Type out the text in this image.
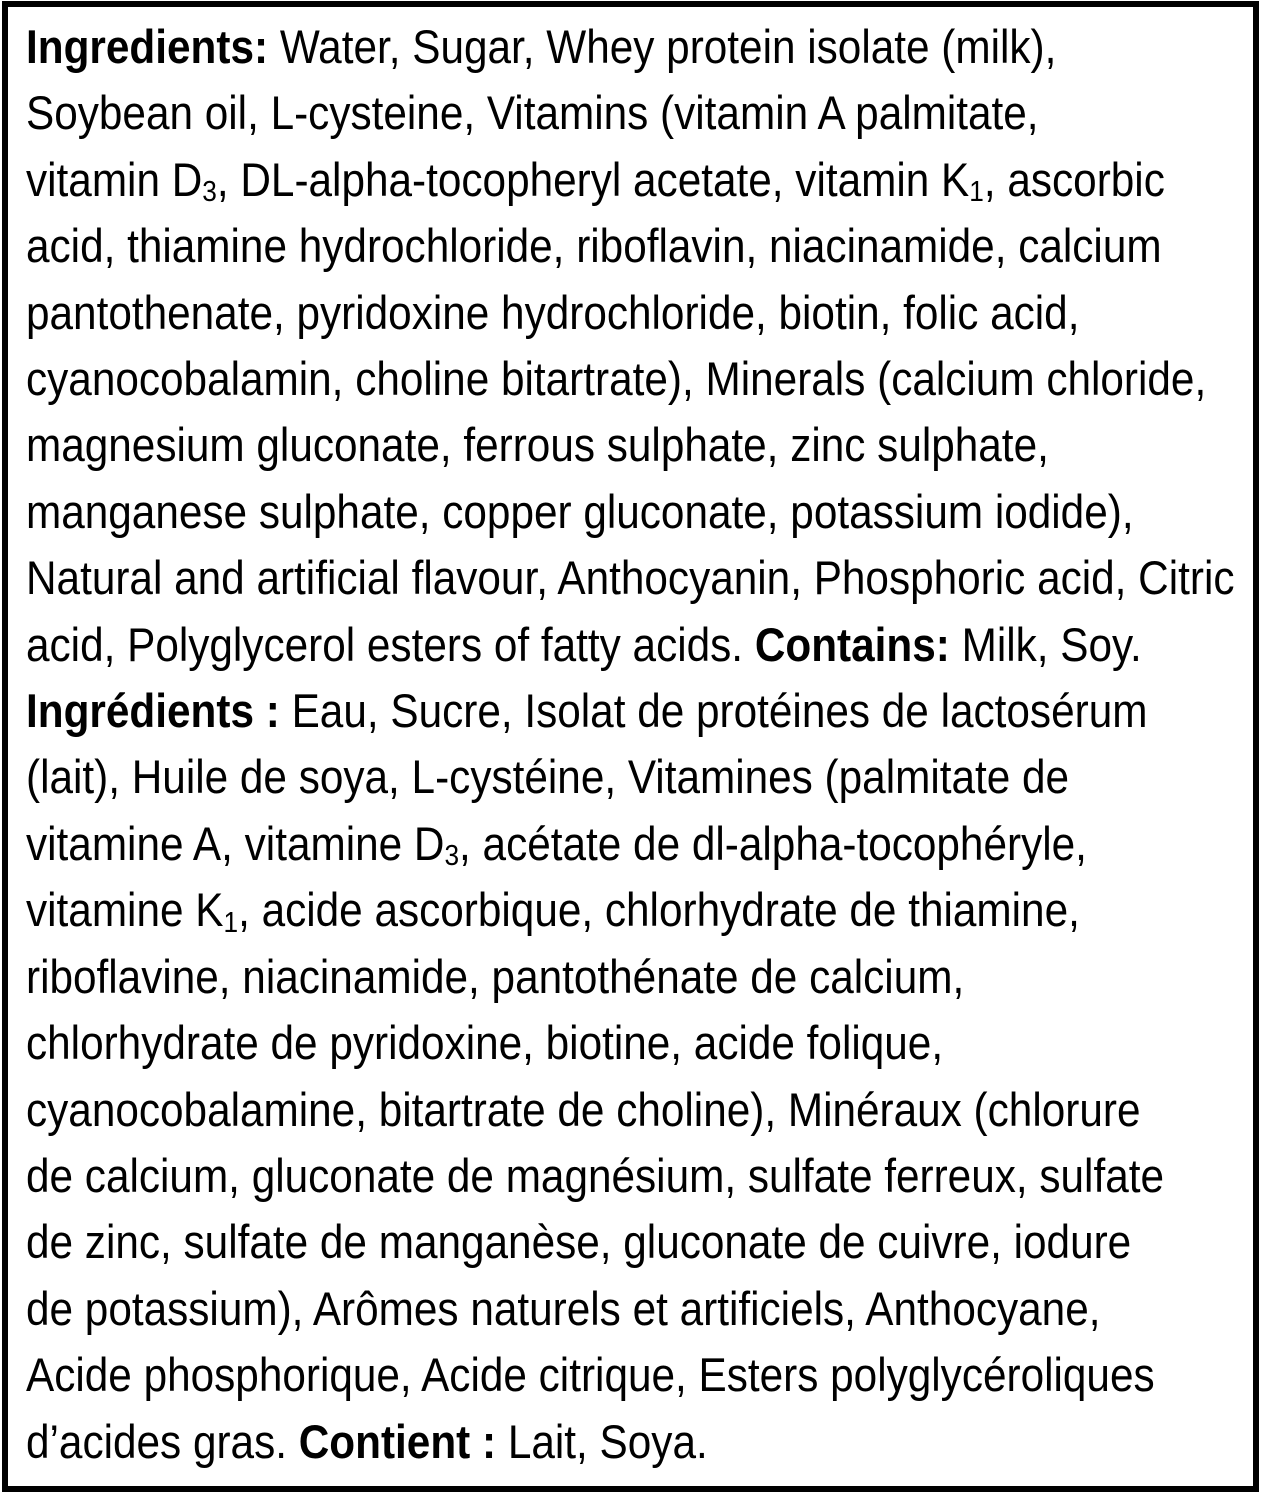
Ingredients: Water, Sugar, Whey protein isolate (milk),
Soybean oil, L-cysteine, Vitamins (vitamin A palmitate,
vitamin $D_3$, DL-alpha-tocopheryl acetate, vitamin $K_1$, ascorbic
acid, thiamine hydrochloride, riboflavin, niacinamide, calcium
pantothenate, pyridoxine hydrochloride, biotin, folic acid,
cyanocobalamin, choline bitartrate), Minerals (calcium chloride,
magnesium gluconate, ferrous sulphate, zinc sulphate,
manganese sulphate, copper gluconate, potassium iodide),
Natural and artificial flavour, Anthocyanin, Phosphoric acid, Citric
acid, Polyglycerol esters of fatty acids. Contains: Milk, Soy.
Ingrédients : Eau, Sucre, Isolat de protéines de lactosérum
(lait), Huile de soya, L-cystéine, Vitamines (palmitate de
vitamine A, vitamine $D_3$, acétate de dl-alpha-tocophéryle,
vitamine $K_1$, acide ascorbique, chlorhydrate de thiamine,
riboflavine, niacinamide, pantothénate de calcium,
chlorhydrate de pyridoxine, biotine, acide folique,
cyanocobalamine, bitartrate de choline), Minéraux (chlorure
de calcium, gluconate de magnésium, sulfate ferreux, sulfate
de zinc, sulfate de manganèse, gluconate de cuivre, iodure
de potassium), Arômes naturels et artificiels, Anthocyane,
Acide phosphorique, Acide citrique, Esters polyglycéroliques
d’acides gras. Contient : Lait, Soya.
